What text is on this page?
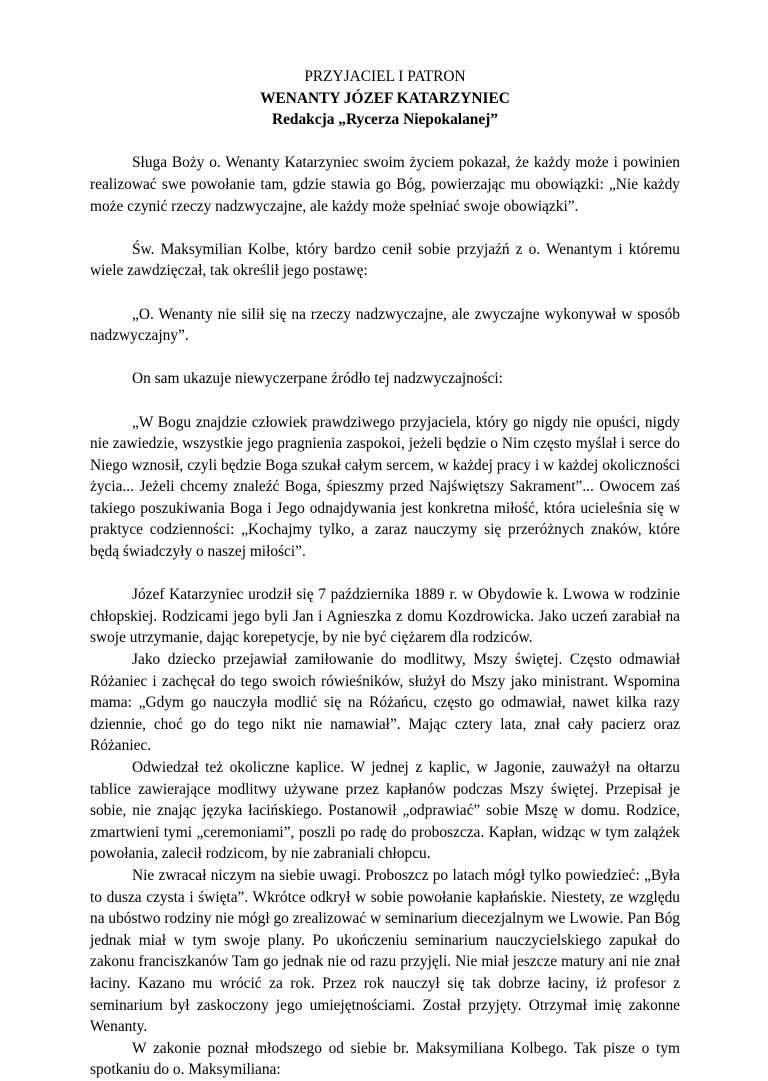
PRZYJACIEL I PATRON

WENANTY JÓZEF KATARZYNIEC

Redakcja „Rycerza Niepokalanej”

Sługa Boży o. Wenanty Katarzyniec swoim życiem pokazał, że każdy może i powinien realizować swe powołanie tam, gdzie stawia go Bóg, powierzając mu obowiązki: „Nie każdy może czynić rzeczy nadzwyczajne, ale każdy może spełniać swoje obowiązki”.

Św. Maksymilian Kolbe, który bardzo cenił sobie przyjaźń z o. Wenantym i któremu wiele zawdzięczał, tak określił jego postawę:

„O. Wenanty nie silił się na rzeczy nadzwyczajne, ale zwyczajne wykonywał w sposób nadzwyczajny”.

On sam ukazuje niewyczerpane źródło tej nadzwyczajności:

„W Bogu znajdzie człowiek prawdziwego przyjaciela, który go nigdy nie opuści, nigdy nie zawiedzie, wszystkie jego pragnienia zaspokoi, jeżeli będzie o Nim często myślał i serce do Niego wznosił, czyli będzie Boga szukał całym sercem, w każdej pracy i w każdej okoliczności życia... Jeżeli chcemy znaleźć Boga, śpieszmy przed Najświętszy Sakrament”... Owocem zaś takiego poszukiwania Boga i Jego odnajdywania jest konkretna miłość, która ucieleśnia się w praktyce codzienności: „Kochajmy tylko, a zaraz nauczymy się przeróżnych znaków, które będą świadczyły o naszej miłości”.

Józef Katarzyniec urodził się 7 października 1889 r. w Obydowie k. Lwowa w rodzinie chłopskiej. Rodzicami jego byli Jan i Agnieszka z domu Kozdrowicka. Jako uczeń zarabiał na swoje utrzymanie, dając korepetycje, by nie być ciężarem dla rodziców.

Jako dziecko przejawiał zamiłowanie do modlitwy, Mszy świętej. Często odmawiał Różaniec i zachęcał do tego swoich rówieśników, służył do Mszy jako ministrant. Wspomina mama: „Gdym go nauczyła modlić się na Różańcu, często go odmawiał, nawet kilka razy dziennie, choć go do tego nikt nie namawiał”. Mając cztery lata, znał cały pacierz oraz Różaniec.

Odwiedzał też okoliczne kaplice. W jednej z kaplic, w Jagonie, zauważył na ołtarzu tablice zawierające modlitwy używane przez kapłanów podczas Mszy świętej. Przepisał je sobie, nie znając języka łacińskiego. Postanowił „odprawiać” sobie Mszę w domu. Rodzice, zmartwieni tymi „ceremoniami”, poszli po radę do proboszcza. Kapłan, widząc w tym zalążek powołania, zalecił rodzicom, by nie zabraniali chłopcu.

Nie zwracał niczym na siebie uwagi. Proboszcz po latach mógł tylko powiedzieć: „Była to dusza czysta i święta”. Wkrótce odkrył w sobie powołanie kapłańskie. Niestety, ze względu na ubóstwo rodziny nie mógł go zrealizować w seminarium diecezjalnym we Lwowie. Pan Bóg jednak miał w tym swoje plany. Po ukończeniu seminarium nauczycielskiego zapukał do zakonu franciszkanów Tam go jednak nie od razu przyjęli. Nie miał jeszcze matury ani nie znał łaciny. Kazano mu wrócić za rok. Przez rok nauczył się tak dobrze łaciny, iż profesor z seminarium był zaskoczony jego umiejętnościami. Został przyjęty. Otrzymał imię zakonne Wenanty.

W zakonie poznał młodszego od siebie br. Maksymiliana Kolbego. Tak pisze o tym spotkaniu do o. Maksymiliana:
